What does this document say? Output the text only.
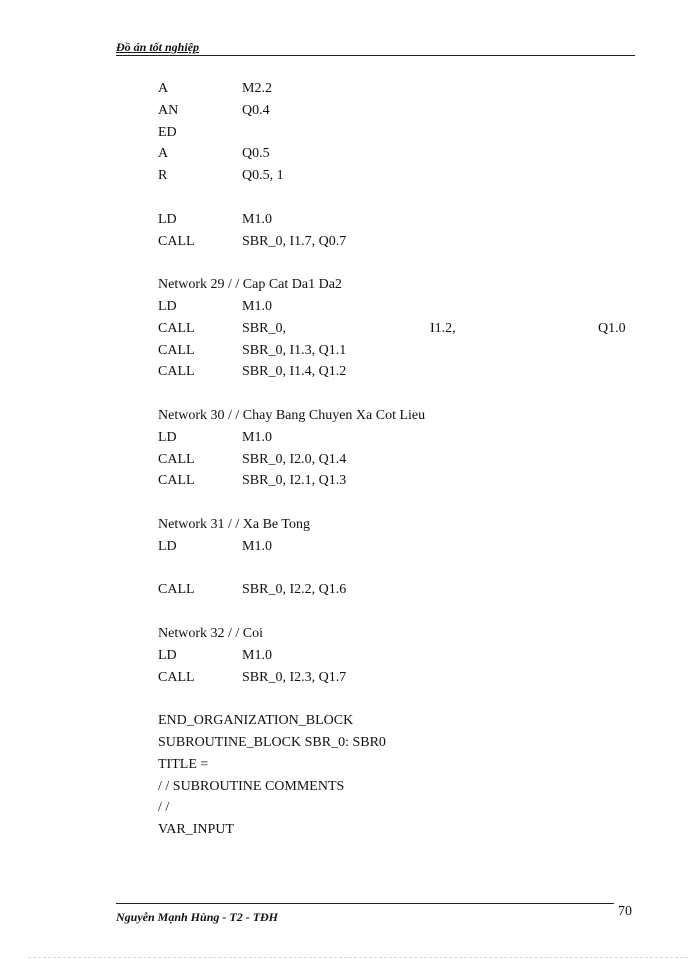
Đồ án tốt nghiệp
A	M2.2
AN	Q0.4
ED
A	Q0.5
R	Q0.5, 1
LD	M1.0
CALL	SBR_0, I1.7, Q0.7
Network 29 / / Cap Cat Da1 Da2
LD	M1.0
CALL	SBR_0,	I1.2,	Q1.0
CALL	SBR_0, I1.3, Q1.1
CALL	SBR_0, I1.4, Q1.2
Network 30 / / Chay Bang Chuyen Xa Cot Lieu
LD	M1.0
CALL	SBR_0, I2.0, Q1.4
CALL	SBR_0, I2.1, Q1.3
Network 31 / / Xa Be Tong
LD	M1.0
CALL	SBR_0, I2.2, Q1.6
Network 32 / / Coi
LD	M1.0
CALL	SBR_0, I2.3, Q1.7
END_ORGANIZATION_BLOCK
SUBROUTINE_BLOCK SBR_0: SBR0
TITLE =
/ / SUBROUTINE COMMENTS
/ /
VAR_INPUT
Nguyễn Mạnh Hùng - T2 - TĐH	70
